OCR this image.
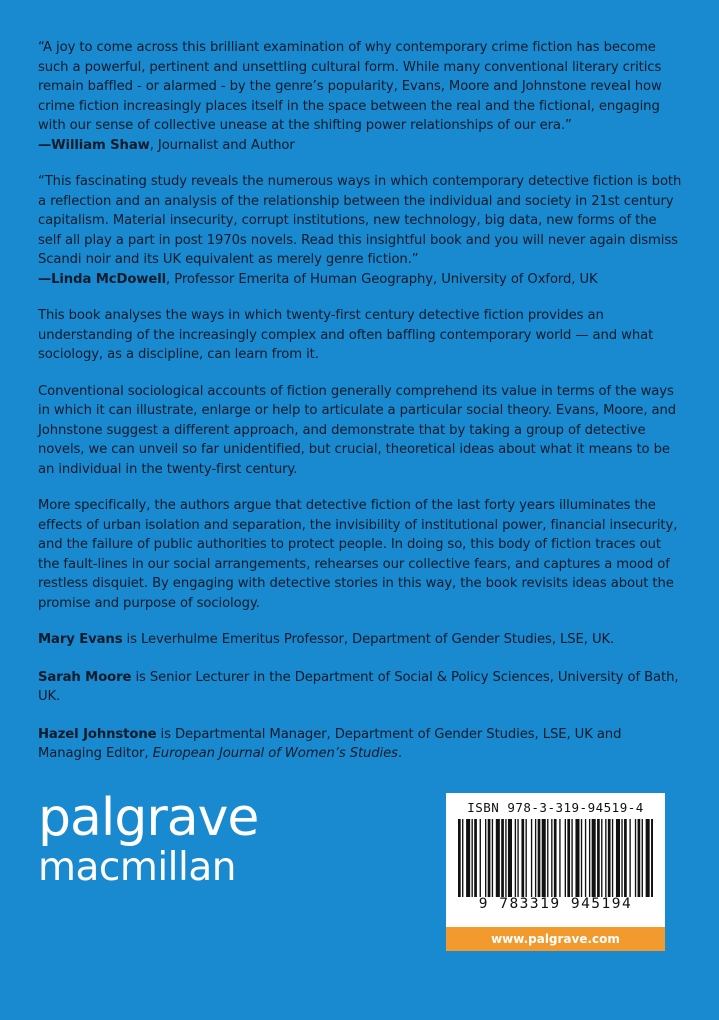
“A joy to come across this brilliant examination of why contemporary crime fiction has become such a powerful, pertinent and unsettling cultural form. While many conventional literary critics remain baffled - or alarmed - by the genre’s popularity, Evans, Moore and Johnstone reveal how crime fiction increasingly places itself in the space between the real and the fictional, engaging with our sense of collective unease at the shifting power relationships of our era.”
—William Shaw, Journalist and Author

“This fascinating study reveals the numerous ways in which contemporary detective fiction is both a reflection and an analysis of the relationship between the individual and society in 21st century capitalism. Material insecurity, corrupt institutions, new technology, big data, new forms of the self all play a part in post 1970s novels. Read this insightful book and you will never again dismiss Scandi noir and its UK equivalent as merely genre fiction.”
—Linda McDowell, Professor Emerita of Human Geography, University of Oxford, UK

This book analyses the ways in which twenty-first century detective fiction provides an understanding of the increasingly complex and often baffling contemporary world — and what sociology, as a discipline, can learn from it.

Conventional sociological accounts of fiction generally comprehend its value in terms of the ways in which it can illustrate, enlarge or help to articulate a particular social theory. Evans, Moore, and Johnstone suggest a different approach, and demonstrate that by taking a group of detective novels, we can unveil so far unidentified, but crucial, theoretical ideas about what it means to be an individual in the twenty-first century.

More specifically, the authors argue that detective fiction of the last forty years illuminates the effects of urban isolation and separation, the invisibility of institutional power, financial insecurity, and the failure of public authorities to protect people. In doing so, this body of fiction traces out the fault-lines in our social arrangements, rehearses our collective fears, and captures a mood of restless disquiet. By engaging with detective stories in this way, the book revisits ideas about the promise and purpose of sociology.

Mary Evans is Leverhulme Emeritus Professor, Department of Gender Studies, LSE, UK.

Sarah Moore is Senior Lecturer in the Department of Social & Policy Sciences, University of Bath, UK.

Hazel Johnstone is Departmental Manager, Department of Gender Studies, LSE, UK and Managing Editor, European Journal of Women’s Studies.

palgrave
macmillan
ISBN 978-3-319-94519-4
9 783319 945194
www.palgrave.com
